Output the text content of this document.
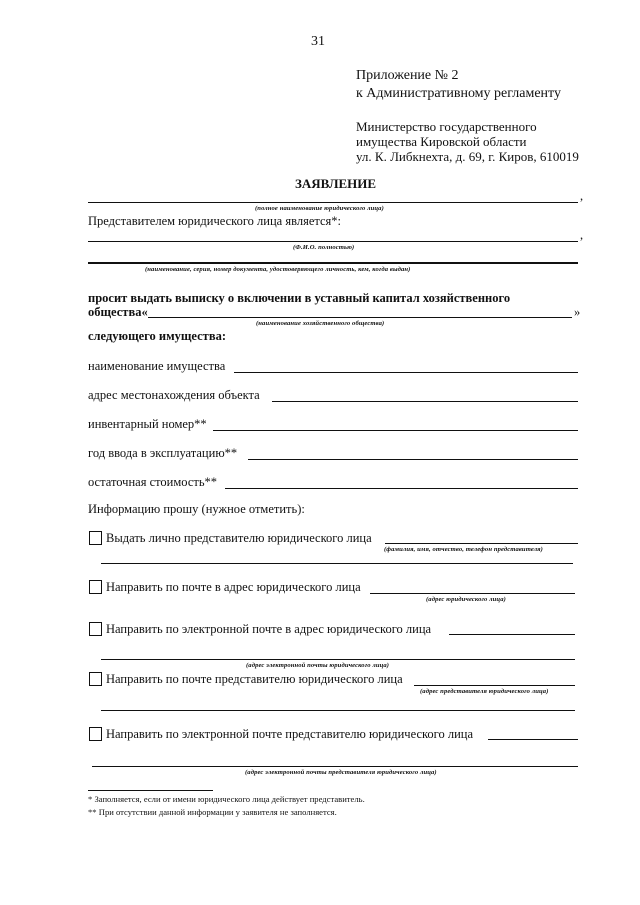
31
Приложение № 2
к Административному регламенту
Министерство государственного
имущества Кировской области
ул. К. Либкнехта, д. 69, г. Киров, 610019
ЗАЯВЛЕНИЕ
,
(полное наименование юридического лица)
Представителем юридического лица является*:
,
(Ф.И.О. полностью)
(наименование, серия, номер документа, удостоверяющего личность, кем, когда выдан)
просит выдать выписку о включении в уставный капитал хозяйственного
общества«	»
(наименование хозяйственного общества)
следующего имущества:
наименование имущества
адрес местонахождения объекта
инвентарный номер**
год ввода в эксплуатацию**
остаточная стоимость**
Информацию прошу (нужное отметить):
Выдать лично представителю юридического лица
(фамилия, имя, отчество, телефон представителя)
Направить по почте в адрес юридического лица
(адрес юридического лица)
Направить по электронной почте в адрес юридического лица
(адрес электронной почты юридического лица)
Направить по почте представителю юридического лица
(адрес представителя юридического лица)
Направить по электронной почте представителю юридического лица
(адрес электронной почты представителя юридического лица)
* Заполняется, если от имени юридического лица действует представитель.
** При отсутствии данной информации у заявителя не заполняется.
